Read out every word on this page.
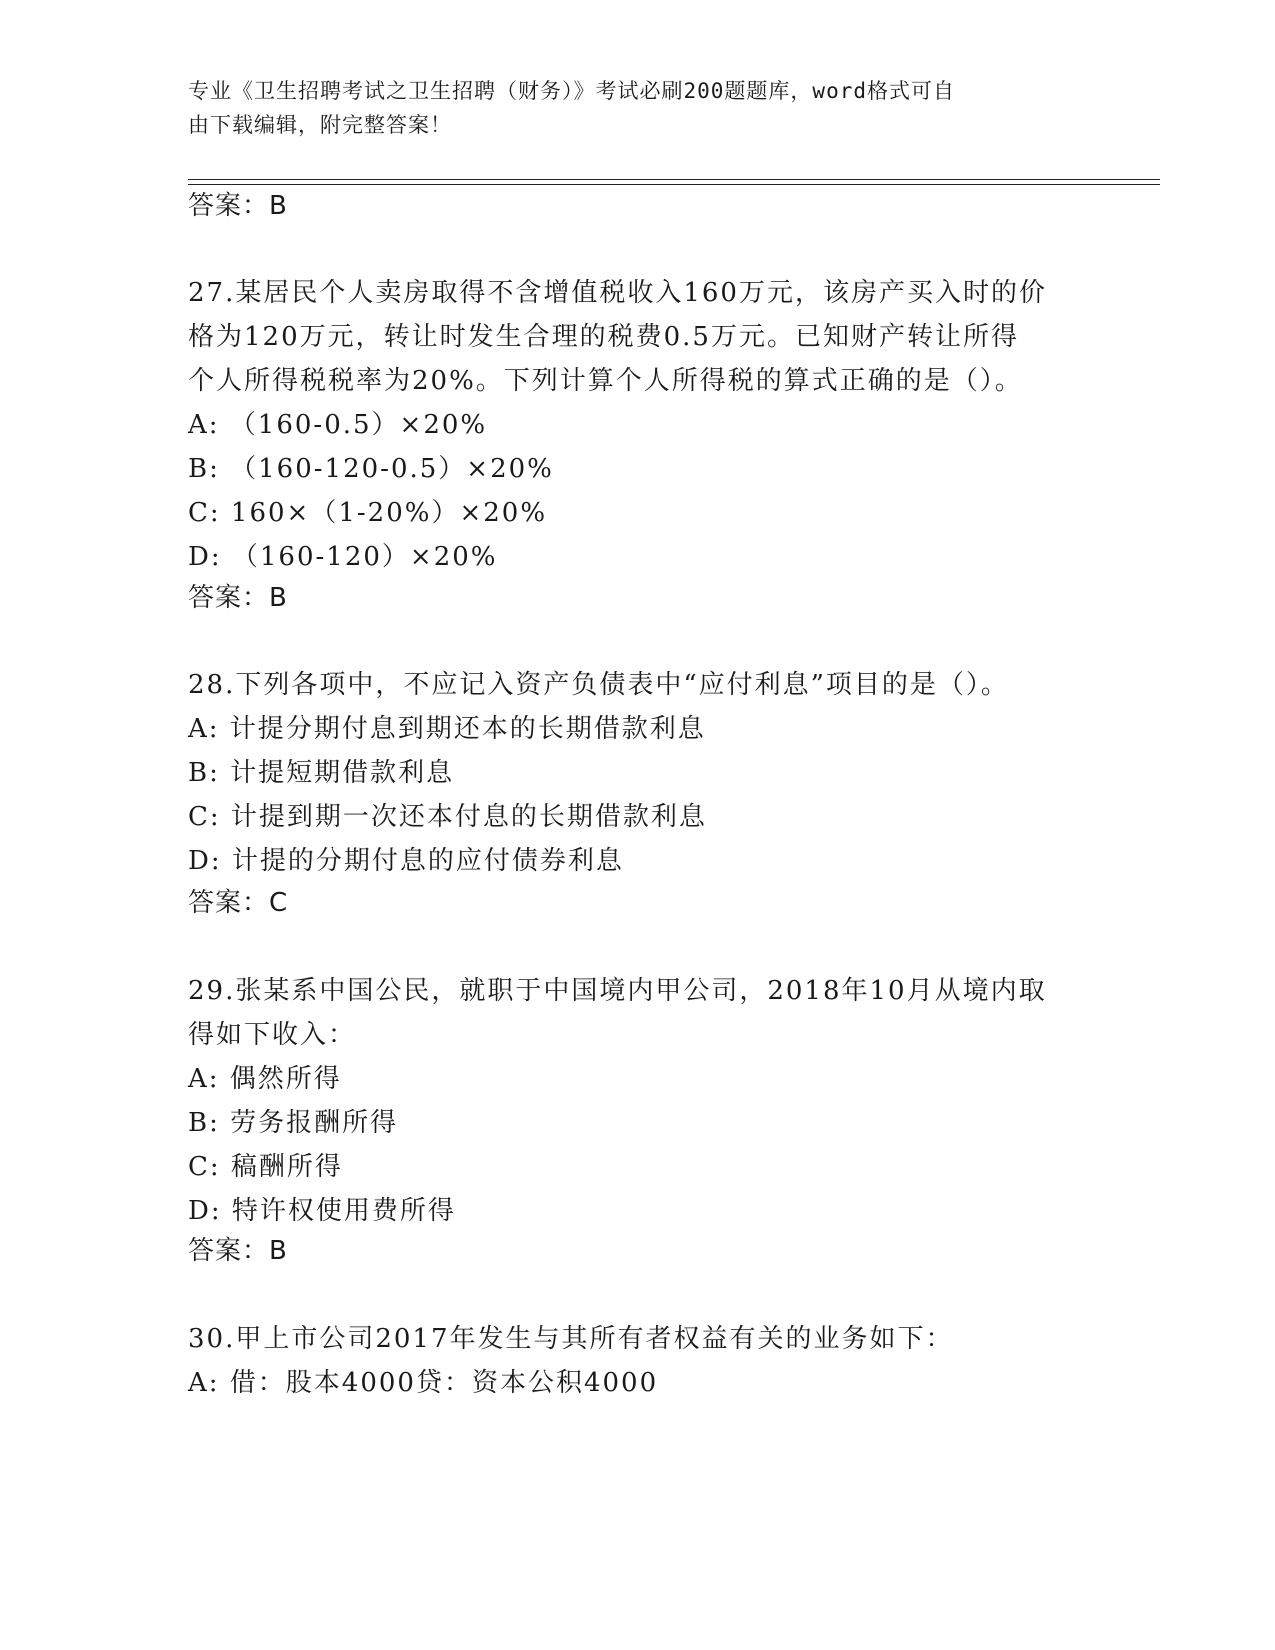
专业《卫生招聘考试之卫生招聘（财务）》考试必刷200题题库，word格式可自
由下载编辑，附完整答案！
答案：B
27.某居民个人卖房取得不含增值税收入160万元，该房产买入时的价
格为120万元，转让时发生合理的税费0.5万元。已知财产转让所得
个人所得税税率为20%。下列计算个人所得税的算式正确的是（）。
A: （160-0.5）×20%
B: （160-120-0.5）×20%
C: 160×（1-20%）×20%
D: （160-120）×20%
答案：B
28.下列各项中，不应记入资产负债表中“应付利息”项目的是（）。
A: 计提分期付息到期还本的长期借款利息
B: 计提短期借款利息
C: 计提到期一次还本付息的长期借款利息
D: 计提的分期付息的应付债券利息
答案：C
29.张某系中国公民，就职于中国境内甲公司，2018年10月从境内取
得如下收入：
A: 偶然所得
B: 劳务报酬所得
C: 稿酬所得
D: 特许权使用费所得
答案：B
30.甲上市公司2017年发生与其所有者权益有关的业务如下：
A: 借：股本4000贷：资本公积4000
